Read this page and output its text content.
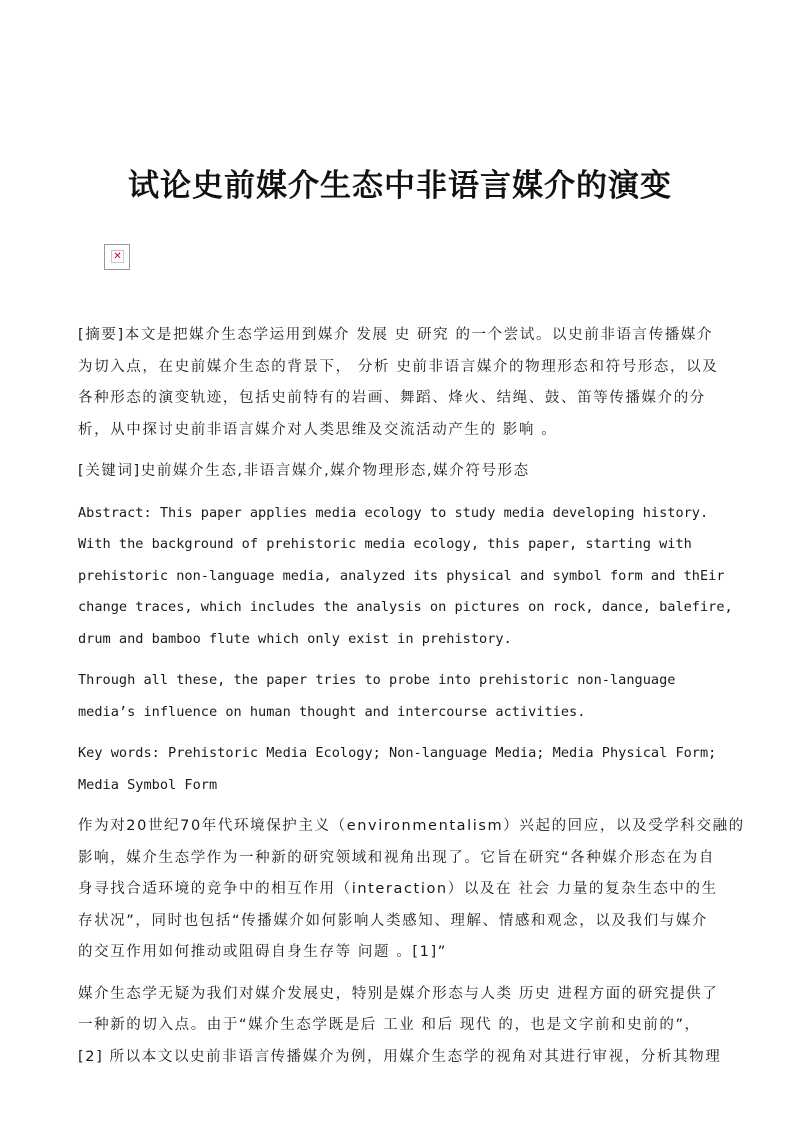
试论史前媒介生态中非语言媒介的演变
✕
[摘要]本文是把媒介生态学运用到媒介 发展 史 研究 的一个尝试。以史前非语言传播媒介
为切入点，在史前媒介生态的背景下， 分析 史前非语言媒介的物理形态和符号形态，以及
各种形态的演变轨迹，包括史前特有的岩画、舞蹈、烽火、结绳、鼓、笛等传播媒介的分
析，从中探讨史前非语言媒介对人类思维及交流活动产生的 影响 。
[关键词]史前媒介生态,非语言媒介,媒介物理形态,媒介符号形态
Abstract: This paper applies media ecology to study media developing history.
With the background of prehistoric media ecology, this paper, starting with
prehistoric non-language media, analyzed its physical and symbol form and thEir
change traces, which includes the analysis on pictures on rock, dance, balefire,
drum and bamboo flute which only exist in prehistory.
Through all these, the paper tries to probe into prehistoric non-language
media’s influence on human thought and intercourse activities.
Key words: Prehistoric Media Ecology; Non-language Media; Media Physical Form;
Media Symbol Form
作为对20世纪70年代环境保护主义（environmentalism）兴起的回应，以及受学科交融的
影响，媒介生态学作为一种新的研究领域和视角出现了。它旨在研究“各种媒介形态在为自
身寻找合适环境的竞争中的相互作用（interaction）以及在 社会 力量的复杂生态中的生
存状况”，同时也包括“传播媒介如何影响人类感知、理解、情感和观念，以及我们与媒介
的交互作用如何推动或阻碍自身生存等 问题 。[1]”
媒介生态学无疑为我们对媒介发展史，特别是媒介形态与人类 历史 进程方面的研究提供了
一种新的切入点。由于“媒介生态学既是后 工业 和后 现代 的，也是文字前和史前的”，
[2] 所以本文以史前非语言传播媒介为例，用媒介生态学的视角对其进行审视，分析其物理
